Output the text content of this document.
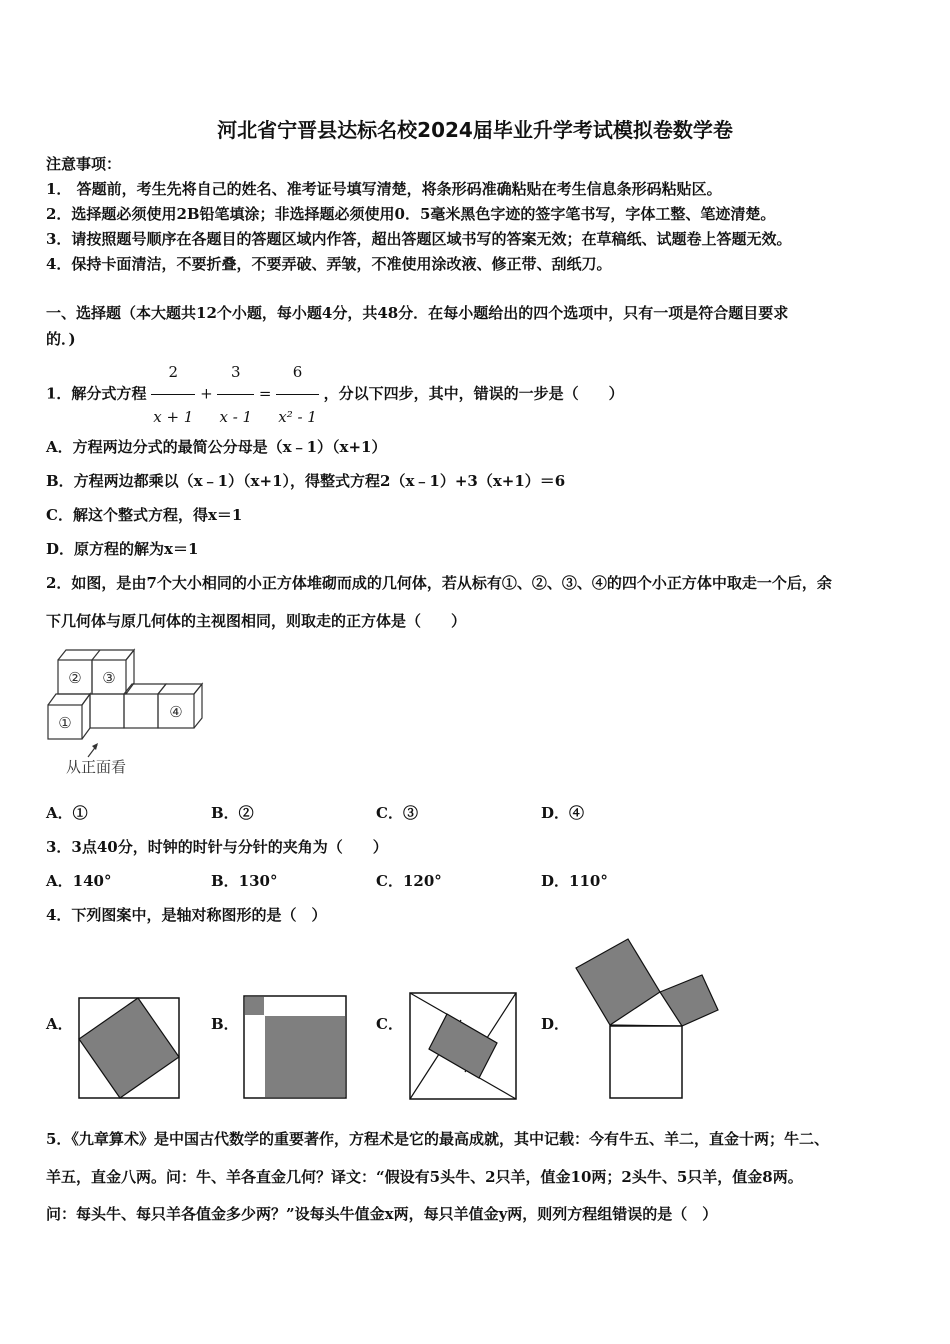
河北省宁晋县达标名校2024届毕业升学考试模拟卷数学卷
注意事项：
1． 答题前，考生先将自己的姓名、准考证号填写清楚，将条形码准确粘贴在考生信息条形码粘贴区。
2．选择题必须使用2B铅笔填涂；非选择题必须使用0．5毫米黑色字迹的签字笔书写，字体工整、笔迹清楚。
3．请按照题号顺序在各题目的答题区域内作答，超出答题区域书写的答案无效；在草稿纸、试题卷上答题无效。
4．保持卡面清洁，不要折叠，不要弄破、弄皱，不准使用涂改液、修正带、刮纸刀。
一、选择题（本大题共12个小题，每小题4分，共48分．在每小题给出的四个选项中，只有一项是符合题目要求
的．)
1．解分式方程 $\frac{2}{x + 1} + \frac{3}{x - 1} = \frac{6}{\text{x² - 1}}$ ，分以下四步，其中，错误的一步是（　　）
A．方程两边分式的最简公分母是（x﹣1）（x+1）
B．方程两边都乘以（x﹣1）（x+1），得整式方程2（x﹣1）+3（x+1）＝6
C．解这个整式方程，得x＝1
D．原方程的解为x＝1
2．如图，是由7个大小相同的小正方体堆砌而成的几何体，若从标有①、②、③、④的四个小正方体中取走一个后，余
下几何体与原几何体的主视图相同，则取走的正方体是（　　）
② ③
①
④
从正面看
A．①	B．②	C．③	D．④
3．3点40分，时钟的时针与分针的夹角为（　　）
A．140°	B．130°	C．120°	D．110°
4．下列图案中，是轴对称图形的是（　）
A．	B．	C．	D．
5．《九章算术》是中国古代数学的重要著作，方程术是它的最高成就，其中记载：今有牛五、羊二，直金十两；牛二、
羊五，直金八两。问：牛、羊各直金几何？译文：“假设有5头牛、2只羊，值金10两；2头牛、5只羊，值金8两。
问：每头牛、每只羊各值金多少两？”设每头牛值金x两，每只羊值金y两，则列方程组错误的是（　）
